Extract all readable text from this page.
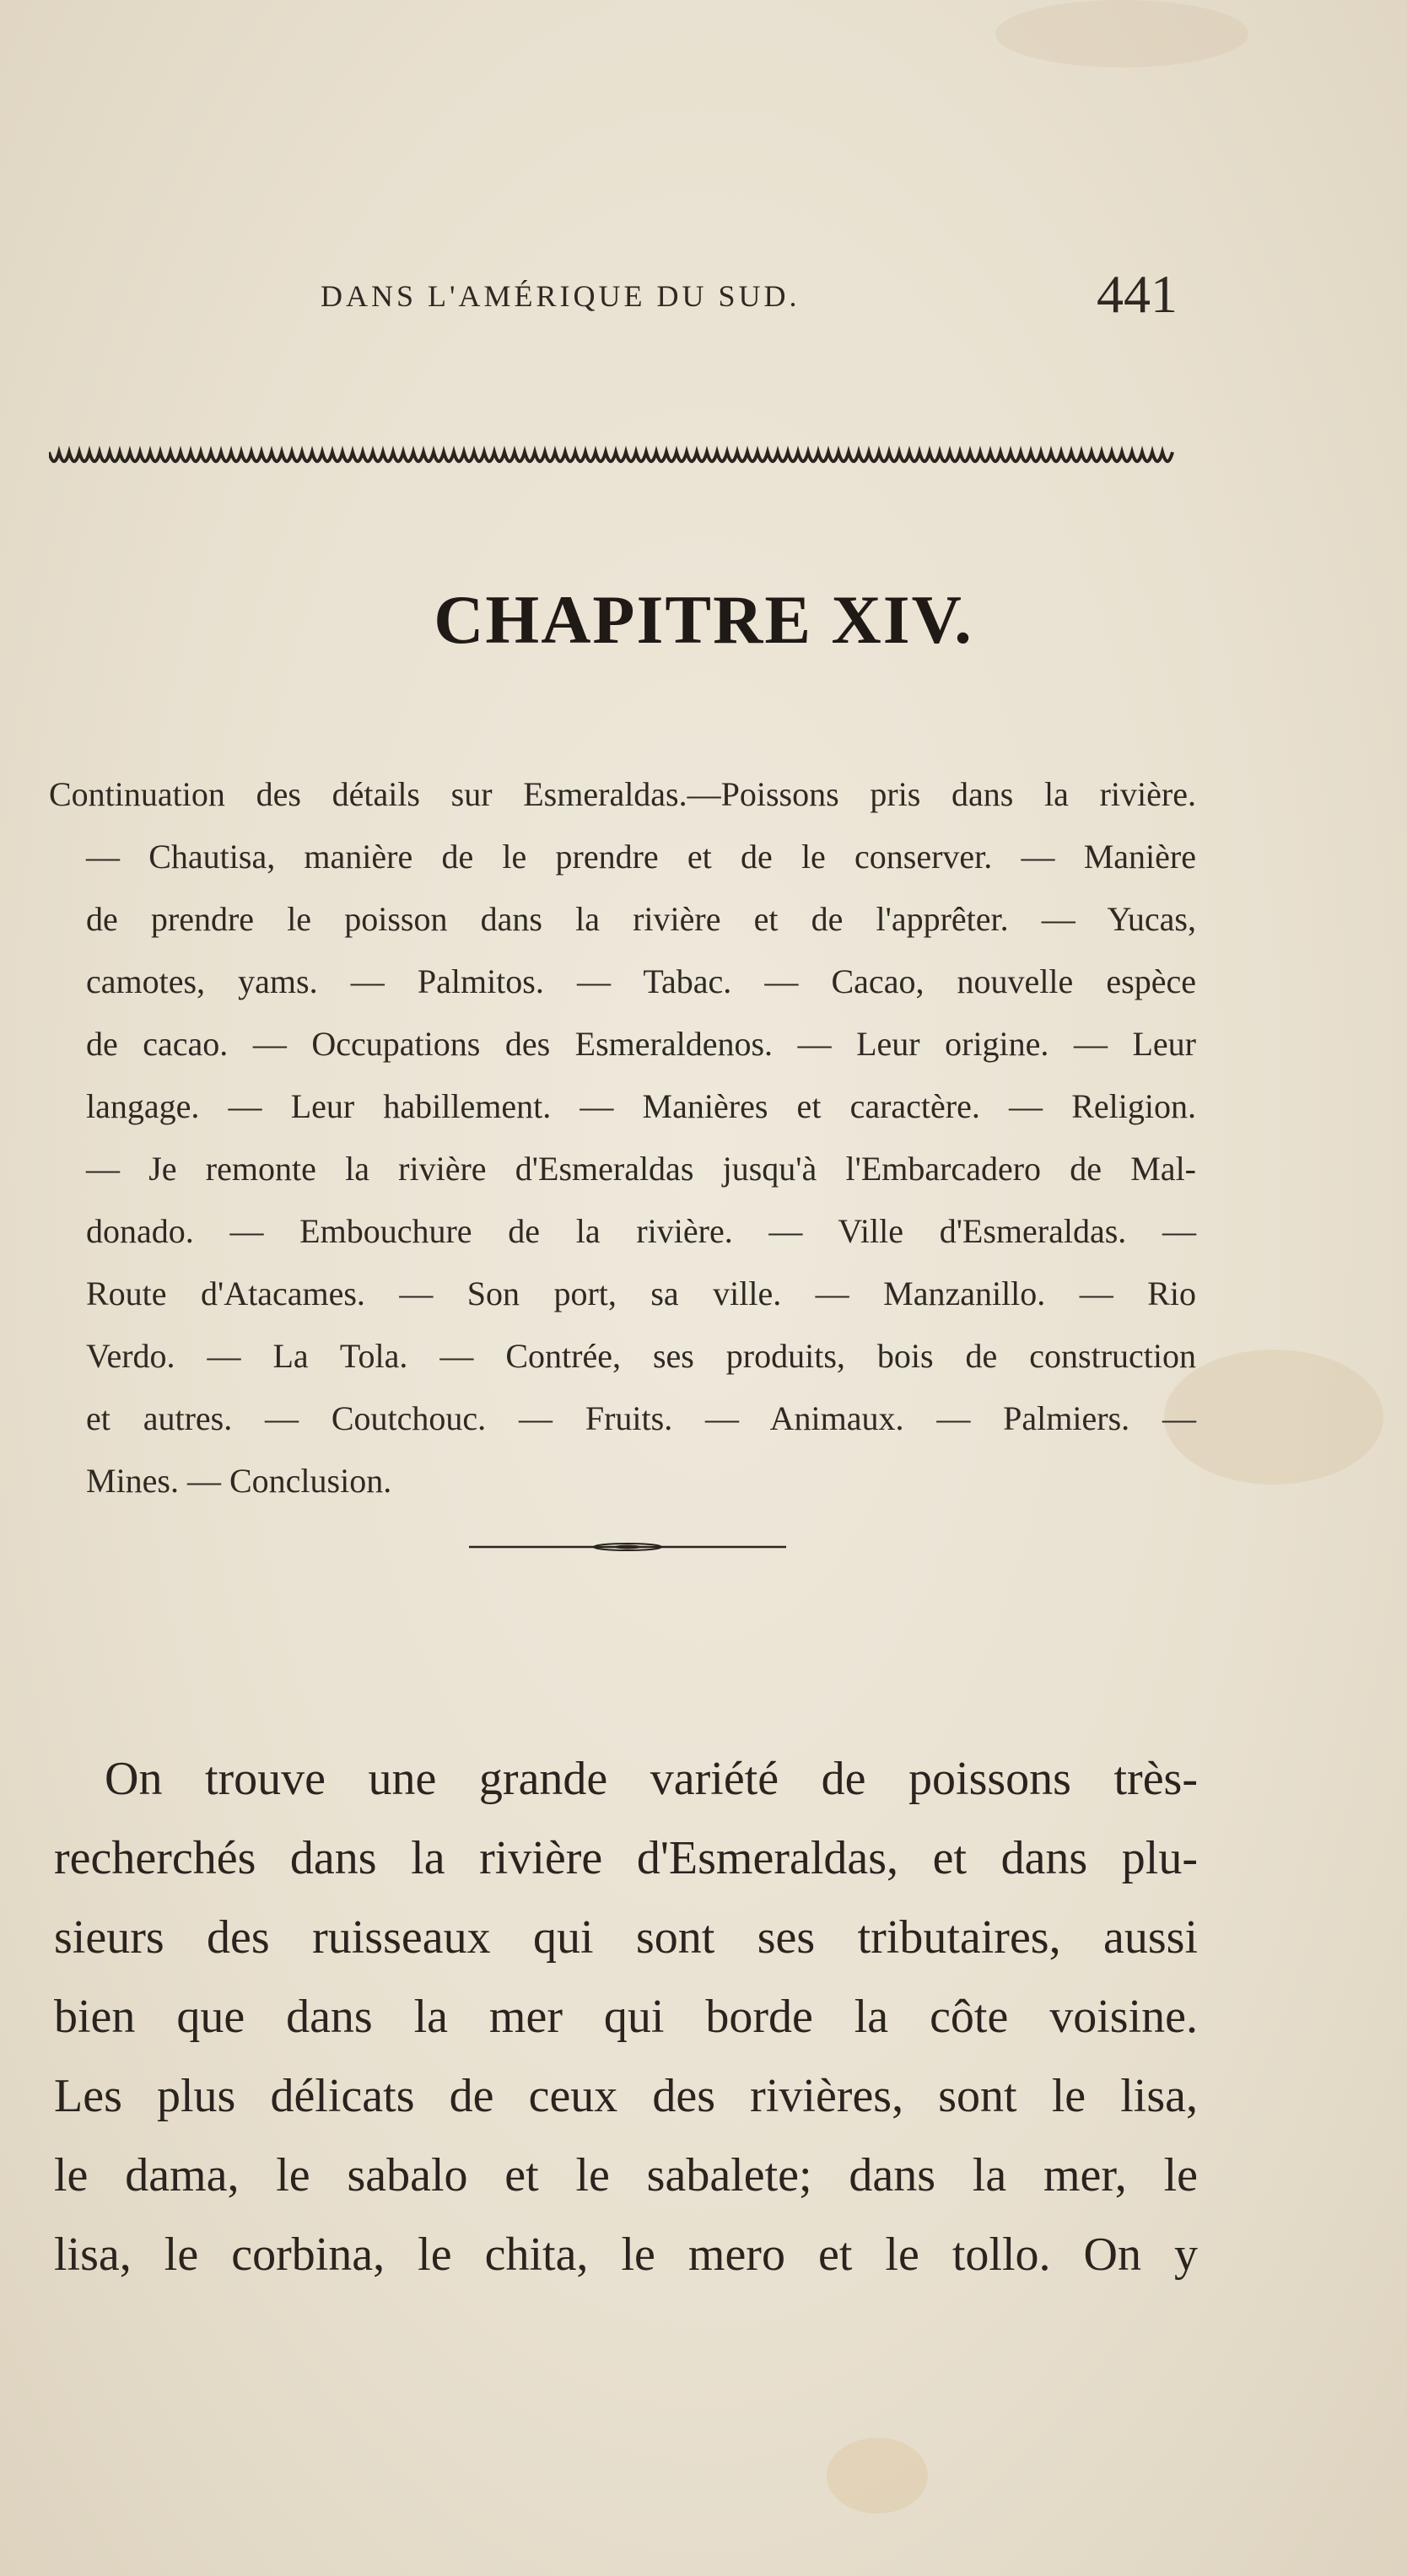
DANS L'AMÉRIQUE DU SUD.	441
CHAPITRE XIV.
Continuation des détails sur Esmeraldas.—Poissons pris dans la rivière.
— Chautisa, manière de le prendre et de le conserver. — Manière
de prendre le poisson dans la rivière et de l'apprêter. — Yucas,
camotes, yams. — Palmitos. — Tabac. — Cacao, nouvelle espèce
de cacao. — Occupations des Esmeraldenos. — Leur origine. — Leur
langage. — Leur habillement. — Manières et caractère. — Religion.
— Je remonte la rivière d'Esmeraldas jusqu'à l'Embarcadero de Mal-
donado. — Embouchure de la rivière. — Ville d'Esmeraldas. —
Route d'Atacames. — Son port, sa ville. — Manzanillo. — Rio
Verdo. — La Tola. — Contrée, ses produits, bois de construction
et autres. — Coutchouc. — Fruits. — Animaux. — Palmiers. —
Mines. — Conclusion.
On trouve une grande variété de poissons très-
recherchés dans la rivière d'Esmeraldas, et dans plu-
sieurs des ruisseaux qui sont ses tributaires, aussi
bien que dans la mer qui borde la côte voisine.
Les plus délicats de ceux des rivières, sont le lisa,
le dama, le sabalo et le sabalete; dans la mer, le
lisa, le corbina, le chita, le mero et le tollo. On y
